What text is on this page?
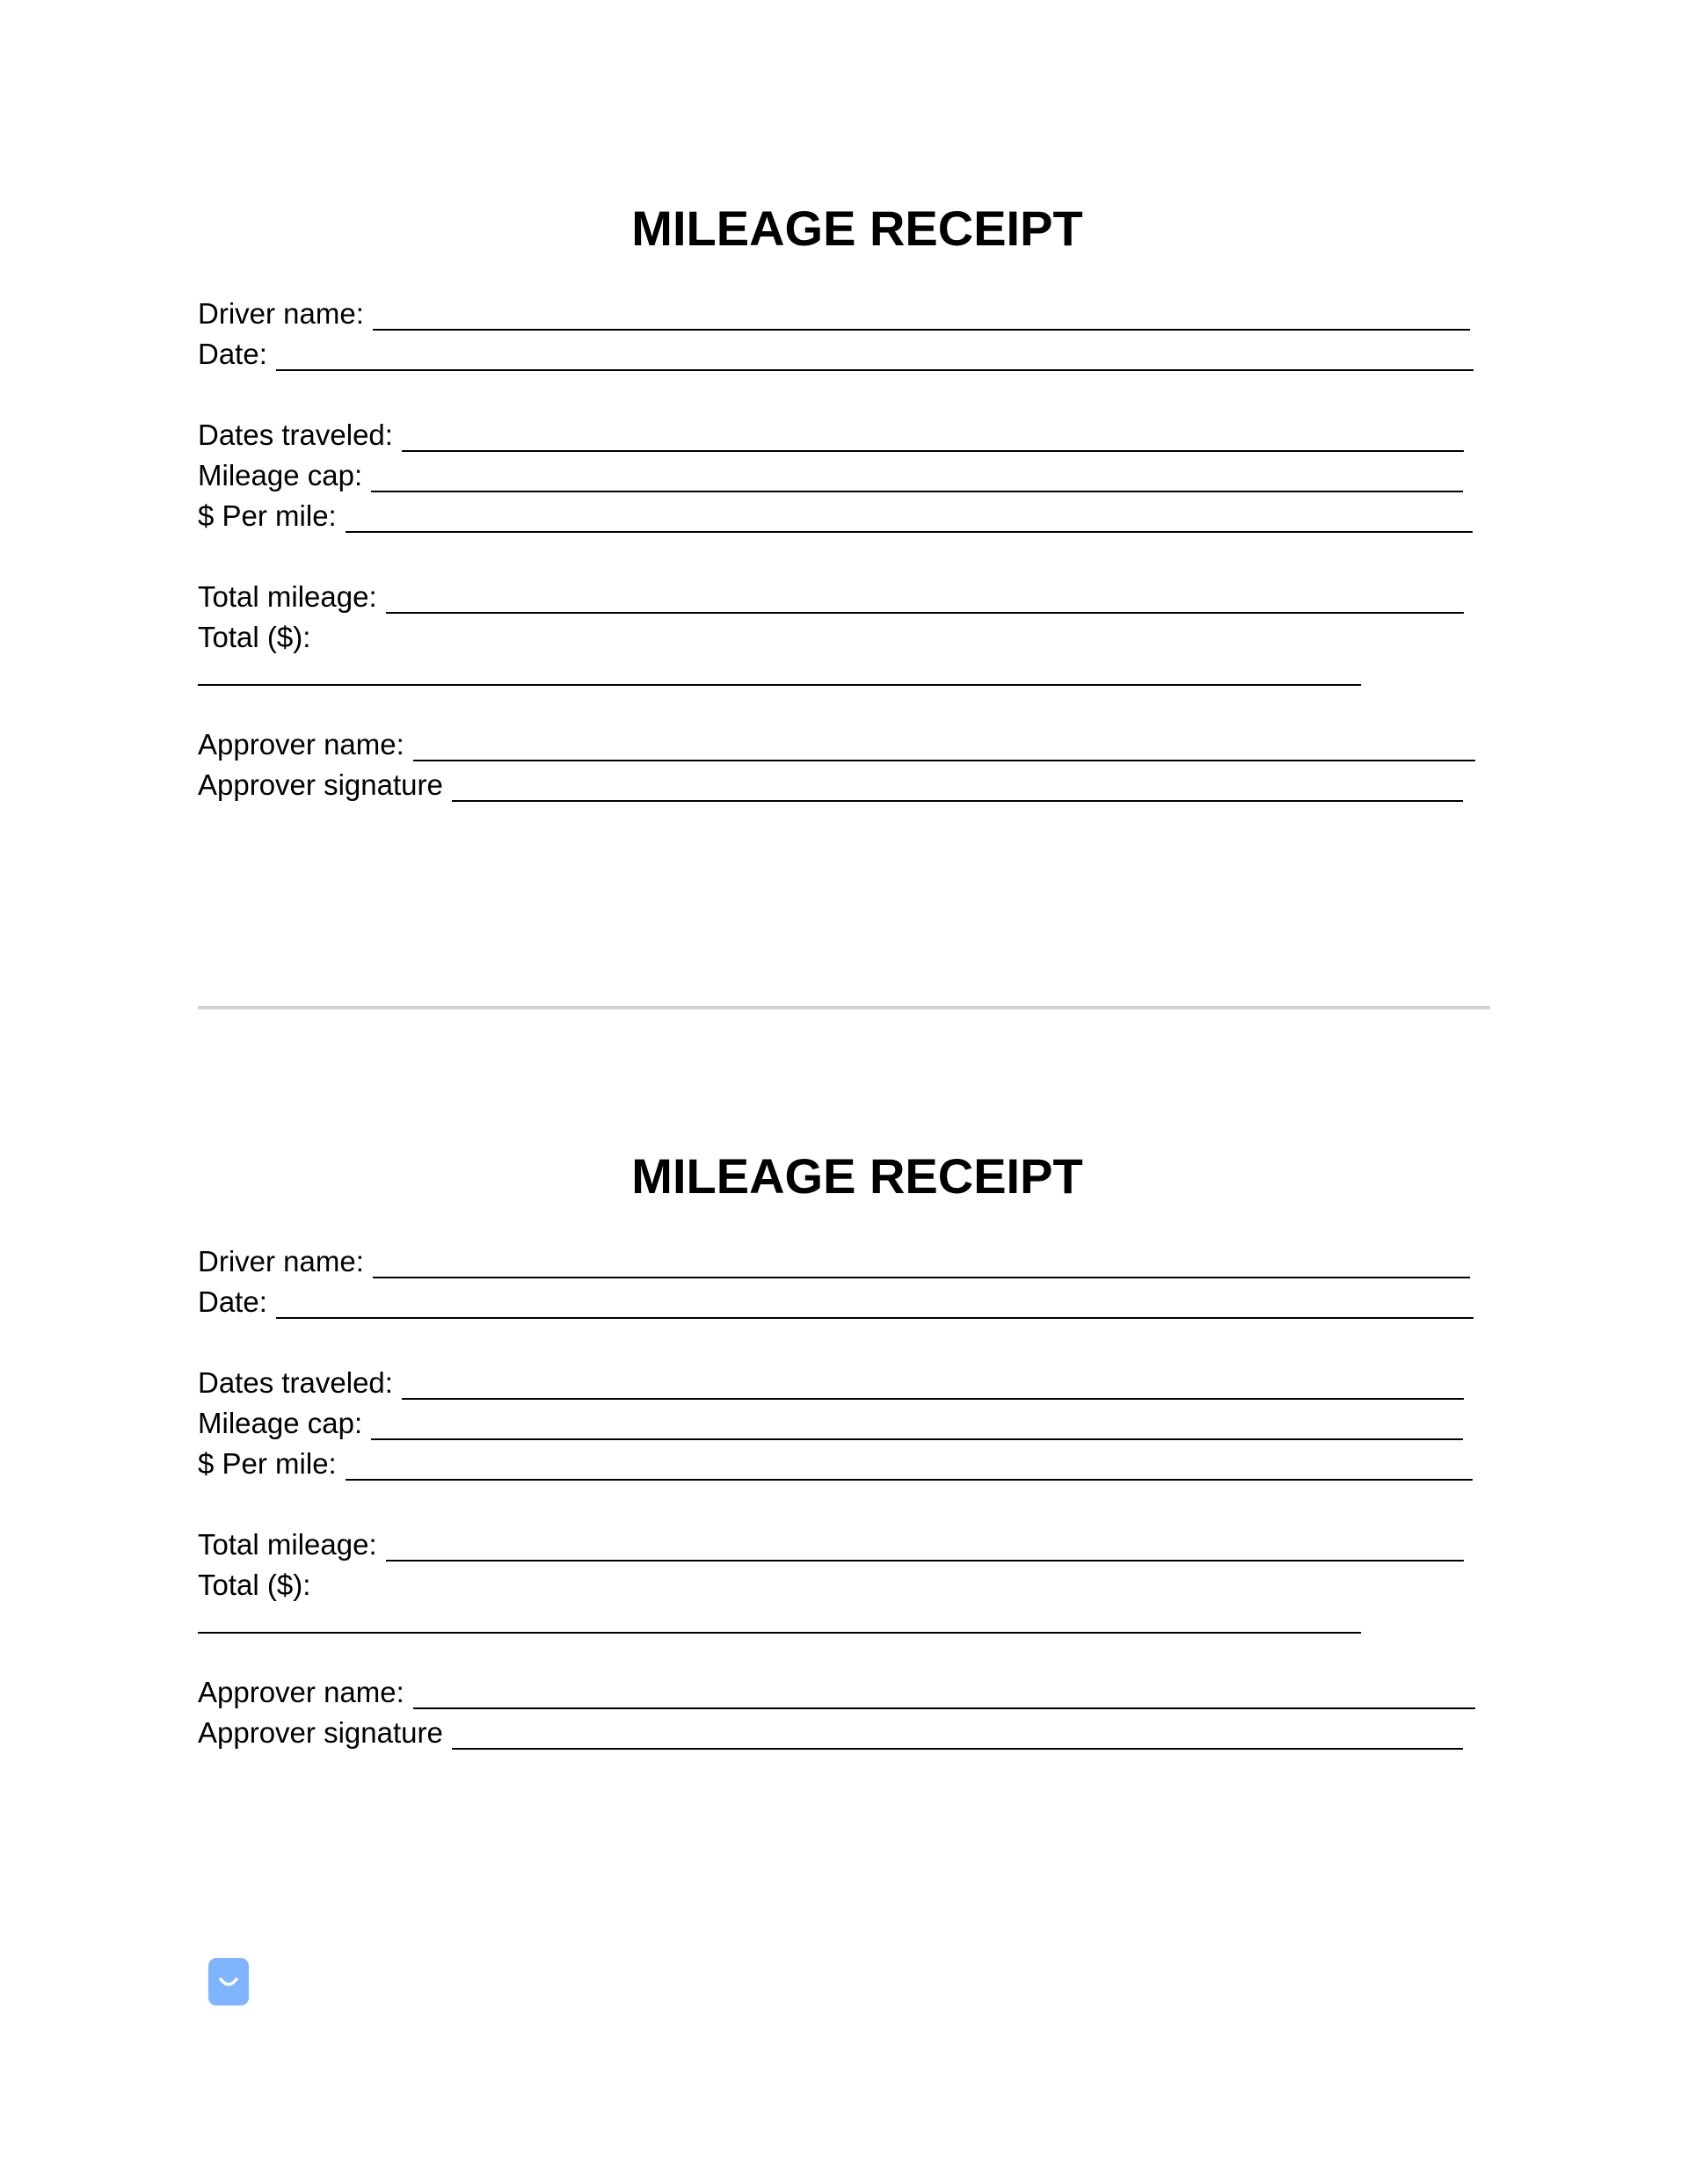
MILEAGE RECEIPT
Driver name:
Date:
Dates traveled:
Mileage cap:
$ Per mile:
Total mileage:
Total ($):
Approver name:
Approver signature
MILEAGE RECEIPT
Driver name:
Date:
Dates traveled:
Mileage cap:
$ Per mile:
Total mileage:
Total ($):
Approver name:
Approver signature
